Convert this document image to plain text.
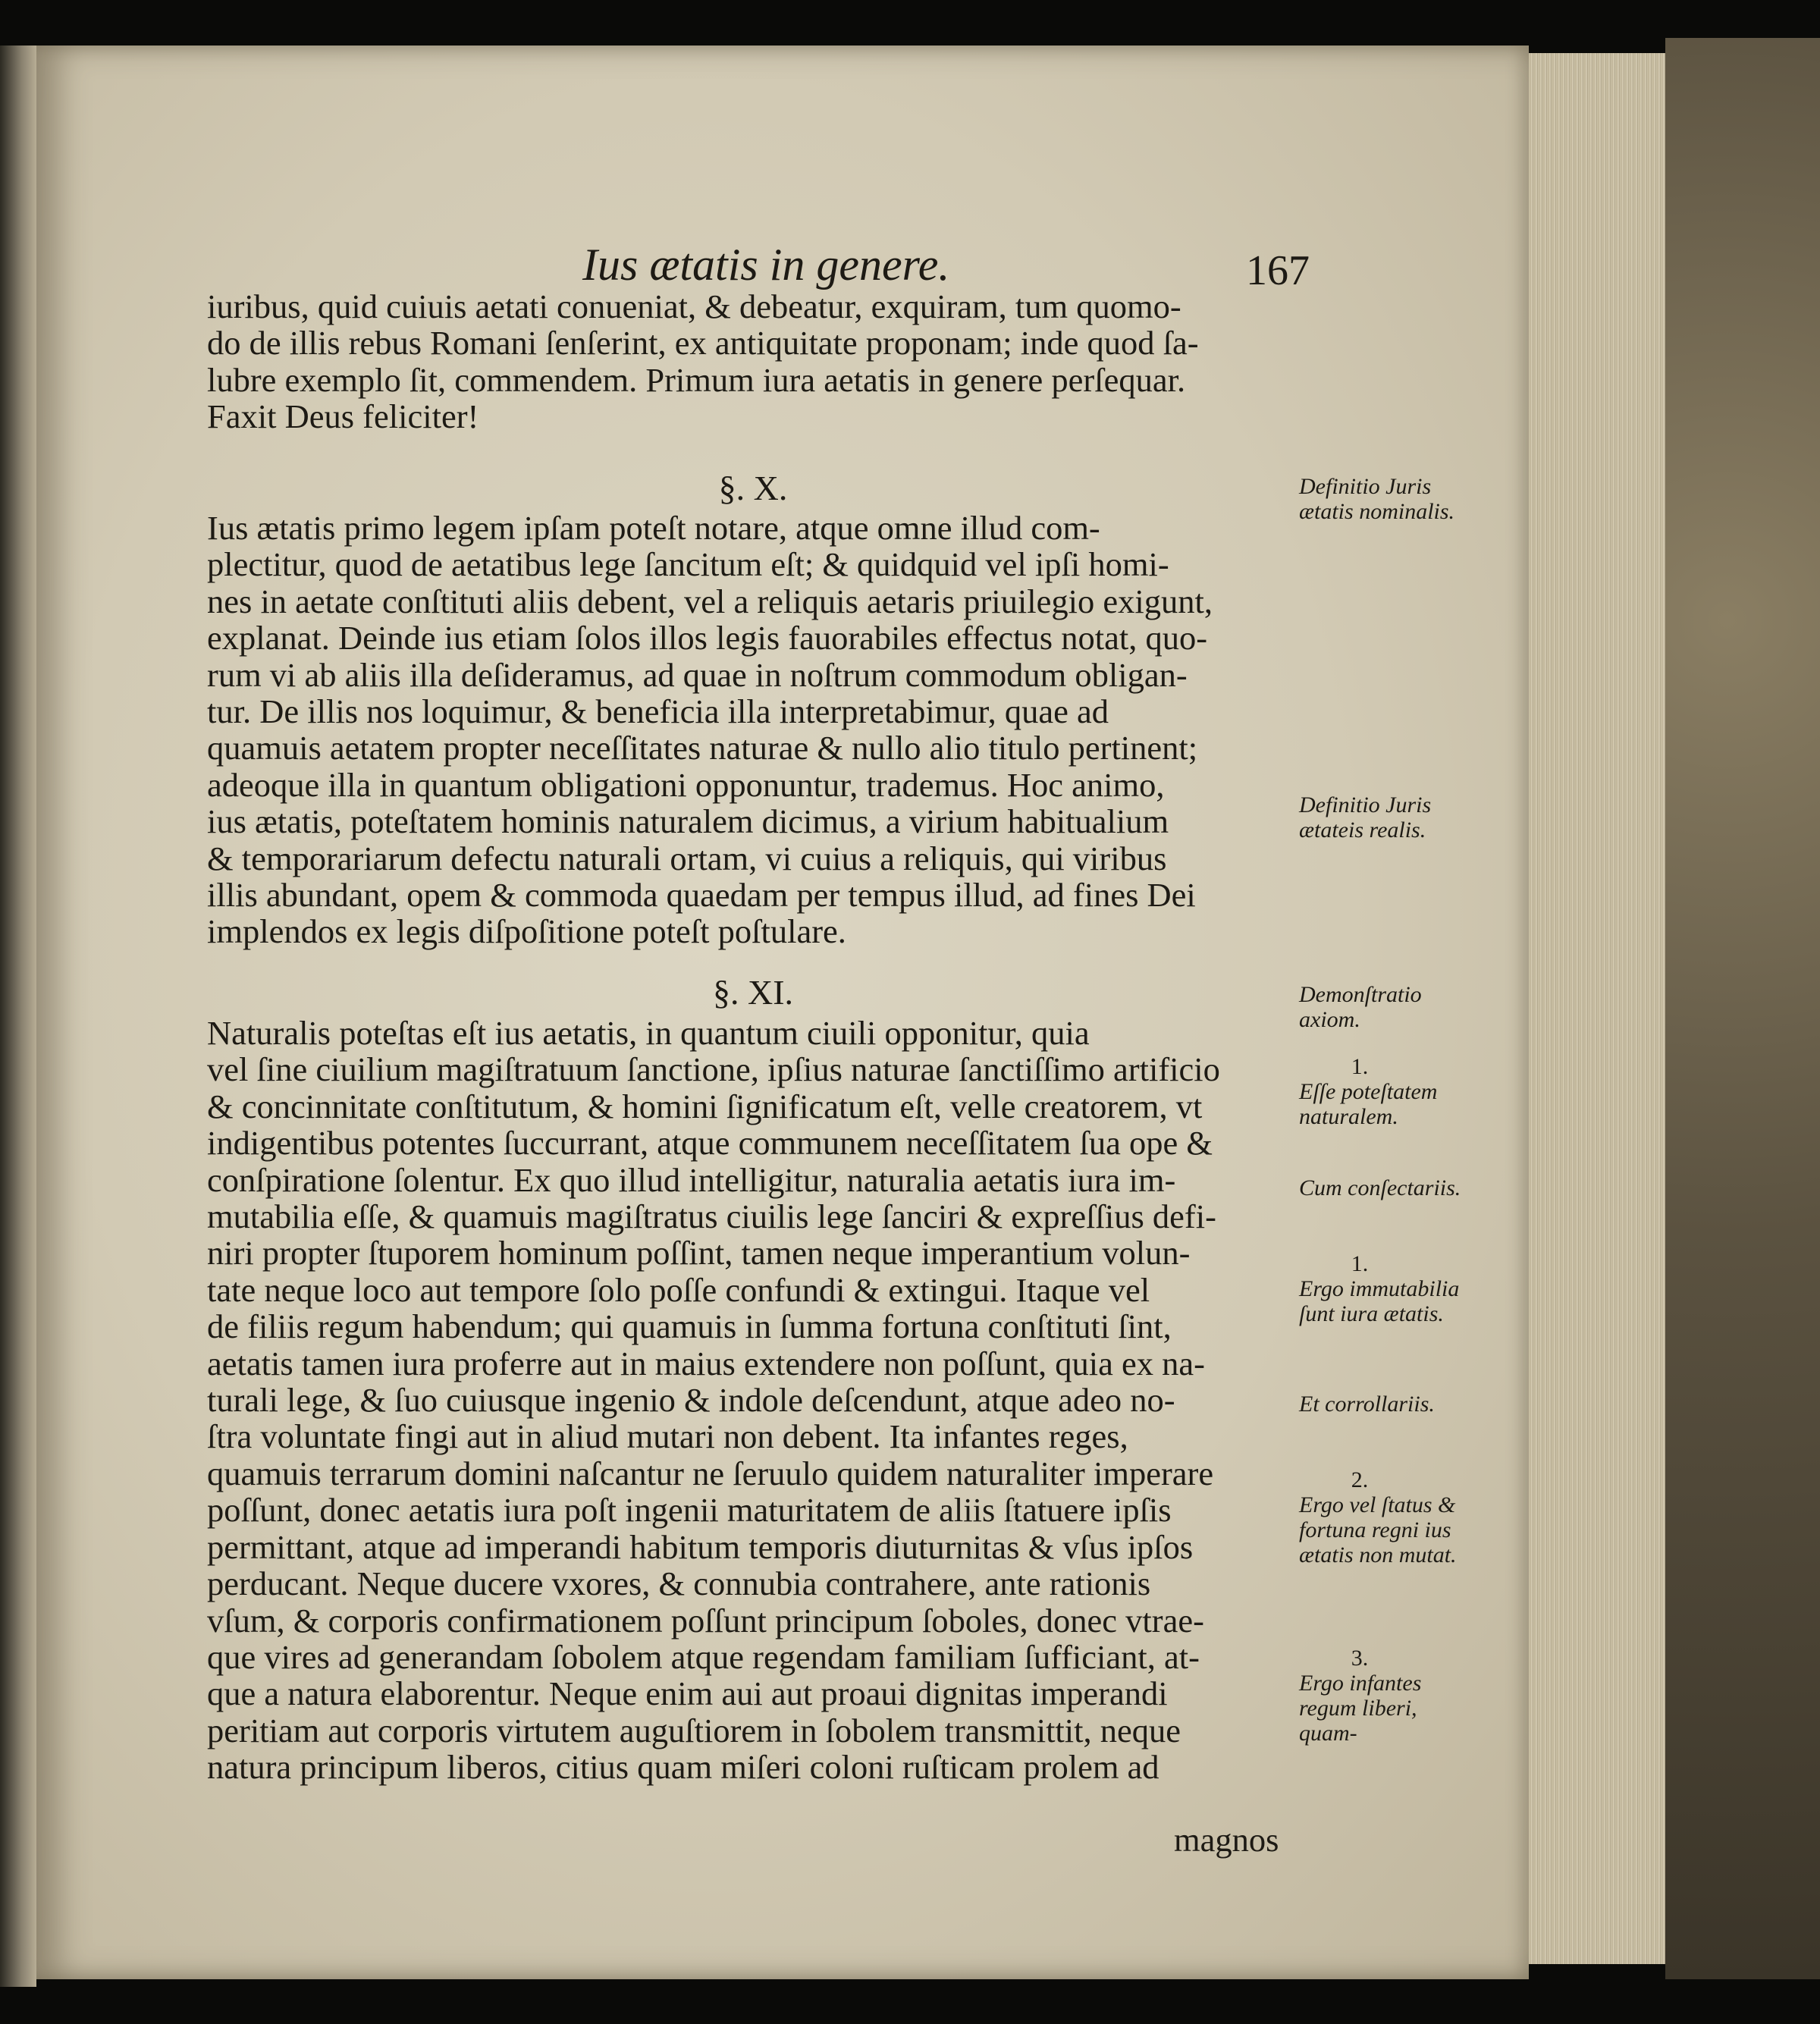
Ius ætatis in genere.	167
iuribus, quid cuiuis aetati conueniat, & debeatur, exquiram, tum quomo-
do de illis rebus Romani ſenſerint, ex antiquitate proponam; inde quod ſa-
lubre exemplo ſit, commendem. Primum iura aetatis in genere perſequar.
Faxit Deus feliciter!
§. X.
Ius ætatis primo legem ipſam poteſt notare, atque omne illud com-
plectitur, quod de aetatibus lege ſancitum eſt; & quidquid vel ipſi homi-
nes in aetate conſtituti aliis debent, vel a reliquis aetaris priuilegio exigunt,
explanat. Deinde ius etiam ſolos illos legis fauorabiles effectus notat, quo-
rum vi ab aliis illa deſideramus, ad quae in noſtrum commodum obligan-
tur. De illis nos loquimur, & beneficia illa interpretabimur, quae ad
quamuis aetatem propter neceſſitates naturae & nullo alio titulo pertinent;
adeoque illa in quantum obligationi opponuntur, trademus. Hoc animo,
ius ætatis, poteſtatem hominis naturalem dicimus, a virium habitualium
& temporariarum defectu naturali ortam, vi cuius a reliquis, qui viribus
illis abundant, opem & commoda quaedam per tempus illud, ad fines Dei
implendos ex legis diſpoſitione poteſt poſtulare.
§. XI.
Naturalis poteſtas eſt ius aetatis, in quantum ciuili opponitur, quia
vel ſine ciuilium magiſtratuum ſanctione, ipſius naturae ſanctiſſimo artificio
& concinnitate conſtitutum, & homini ſignificatum eſt, velle creatorem, vt
indigentibus potentes ſuccurrant, atque communem neceſſitatem ſua ope &
conſpiratione ſolentur. Ex quo illud intelligitur, naturalia aetatis iura im-
mutabilia eſſe, & quamuis magiſtratus ciuilis lege ſanciri & expreſſius defi-
niri propter ſtuporem hominum poſſint, tamen neque imperantium volun-
tate neque loco aut tempore ſolo poſſe confundi & extingui. Itaque vel
de filiis regum habendum; qui quamuis in ſumma fortuna conſtituti ſint,
aetatis tamen iura proferre aut in maius extendere non poſſunt, quia ex na-
turali lege, & ſuo cuiusque ingenio & indole deſcendunt, atque adeo no-
ſtra voluntate fingi aut in aliud mutari non debent. Ita infantes reges,
quamuis terrarum domini naſcantur ne ſeruulo quidem naturaliter imperare
poſſunt, donec aetatis iura poſt ingenii maturitatem de aliis ſtatuere ipſis
permittant, atque ad imperandi habitum temporis diuturnitas & vſus ipſos
perducant. Neque ducere vxores, & connubia contrahere, ante rationis
vſum, & corporis confirmationem poſſunt principum ſoboles, donec vtrae-
que vires ad generandam ſobolem atque regendam familiam ſufficiant, at-
que a natura elaborentur. Neque enim aui aut proaui dignitas imperandi
peritiam aut corporis virtutem auguſtiorem in ſobolem transmittit, neque
natura principum liberos, citius quam miſeri coloni ruſticam prolem ad
magnos
Definitio Juris ætatis nominalis.
Definitio Juris ætateis realis.
Demonſtratio axiom.
1.
Eſſe poteſtatem naturalem.
Cum conſectariis.
1.
Ergo immutabilia ſunt iura ætatis.
Et corrollariis.
2.
Ergo vel ſtatus & fortuna regni ius ætatis non mutat.
3.
Ergo infantes regum liberi, quam-
